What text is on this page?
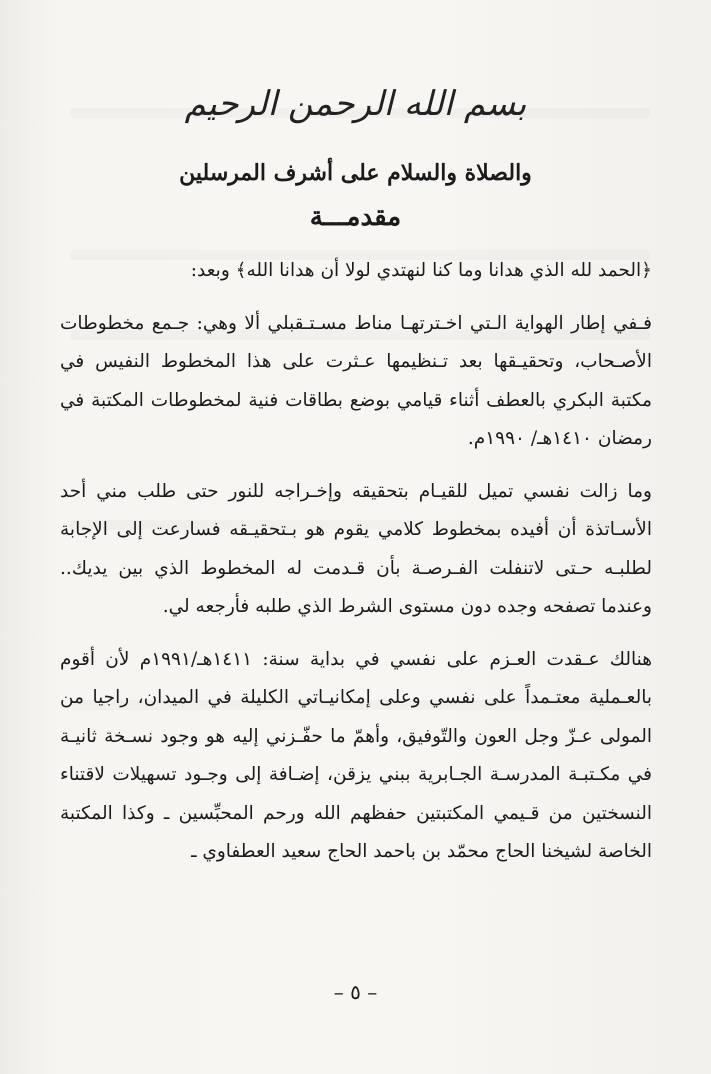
بسم الله الرحمن الرحيم
والصلاة والسلام على أشرف المرسلين
مقدمـــة

﴿الحمد لله الذي هدانا وما كنا لنهتدي لولا أن هدانا الله﴾ وبعد:

فـفي إطار الهواية الـتي اخـترتهـا مناط مسـتـقبلي ألا وهي: جـمع مخطوطات الأصـحاب، وتحقيـقها بعد تـنظيمها عـثرت على هذا المخطوط النفيس في مكتبة البكري بالعطف أثناء قيامي بوضع بطاقات فنية لمخطوطات المكتبة في رمضان ١٤١٠هـ/ ١٩٩٠م.

وما زالت نفسي تميل للقيـام بتحقيقه وإخـراجه للنور حتى طلب مني أحد الأسـاتذة أن أفيده بمخطوط كلامي يقوم هو بـتحقيـقه فسارعت إلى الإجابة لطلبـه حـتى لاتنفلت الفـرصـة بأن قـدمت له المخطوط الذي بين يديك.. وعندما تصفحه وجده دون مستوى الشرط الذي طلبه فأرجعه لي.

هنالك عـقدت العـزم على نفسي في بداية سنة: ١٤١١هـ/١٩٩١م لأن أقوم بالعـملية معتـمداً على نفسي وعلى إمكانيـاتي الكليلة في الميدان، راجيا من المولى عـزّ وجل العون والتّوفيق، وأهمّ ما حفّـزني إليه هو وجود نسـخة ثانيـة في مكـتبـة المدرسـة الجـابرية ببني يزقن، إضـافة إلى وجـود تسهيلات لاقتناء النسختين من قـيمي المكتبتين حفظهم الله ورحم المحبِّسين ـ وكذا المكتبة الخاصة لشيخنا الحاج محمّد بن باحمد الحاج سعيد العطفاوي ـ

– ٥ –
